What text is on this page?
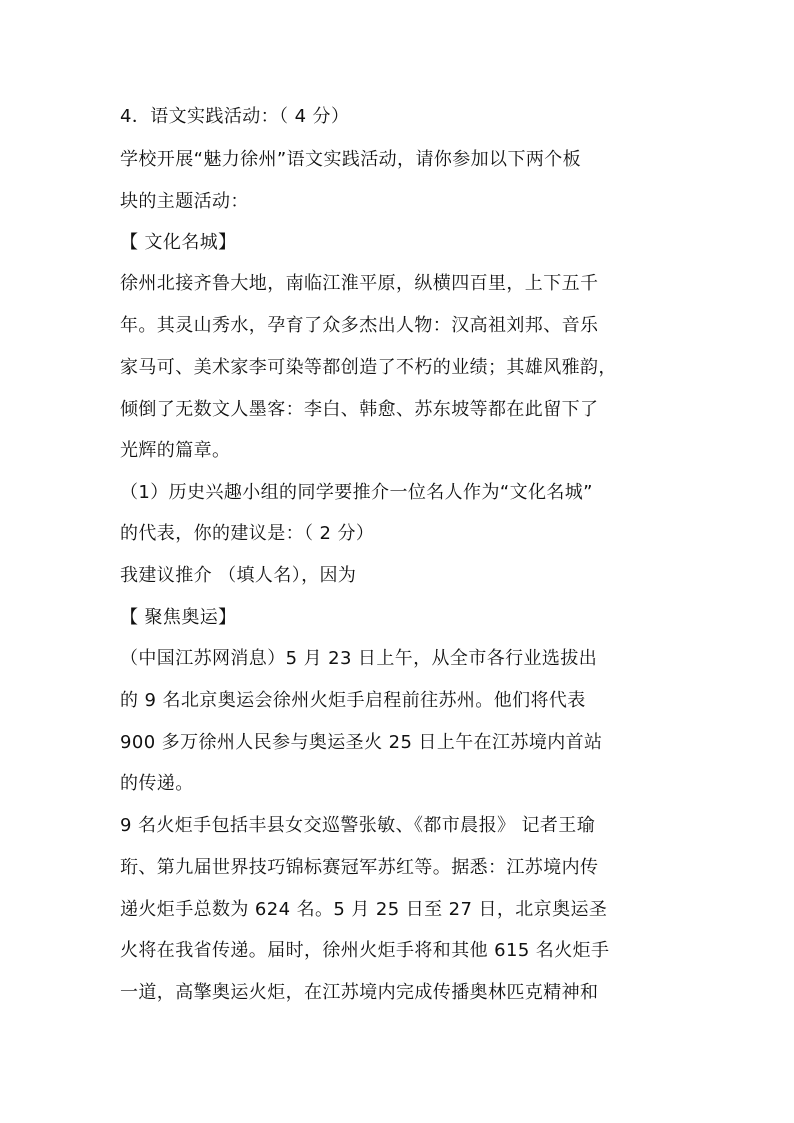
4．语文实践活动：（ 4 分）

学校开展“魅力徐州”语文实践活动，请你参加以下两个板

块的主题活动：

【 文化名城】

徐州北接齐鲁大地，南临江淮平原，纵横四百里，上下五千

年。其灵山秀水，孕育了众多杰出人物：汉高祖刘邦、音乐

家马可、美术家李可染等都创造了不朽的业绩；其雄风雅韵，

倾倒了无数文人墨客：李白、韩愈、苏东坡等都在此留下了

光辉的篇章。

（1）历史兴趣小组的同学要推介一位名人作为“文化名城”

的代表，你的建议是：（ 2 分）

我建议推介 （填人名），因为

【 聚焦奥运】

（中国江苏网消息）5 月 23 日上午，从全市各行业选拔出

的 9 名北京奥运会徐州火炬手启程前往苏州。他们将代表

900 多万徐州人民参与奥运圣火 25 日上午在江苏境内首站

的传递。

9 名火炬手包括丰县女交巡警张敏、《都市晨报》 记者王瑜

珩、第九届世界技巧锦标赛冠军苏红等。据悉：江苏境内传

递火炬手总数为 624 名。5 月 25 日至 27 日，北京奥运圣

火将在我省传递。届时，徐州火炬手将和其他 615 名火炬手

一道，高擎奥运火炬，在江苏境内完成传播奥林匹克精神和
